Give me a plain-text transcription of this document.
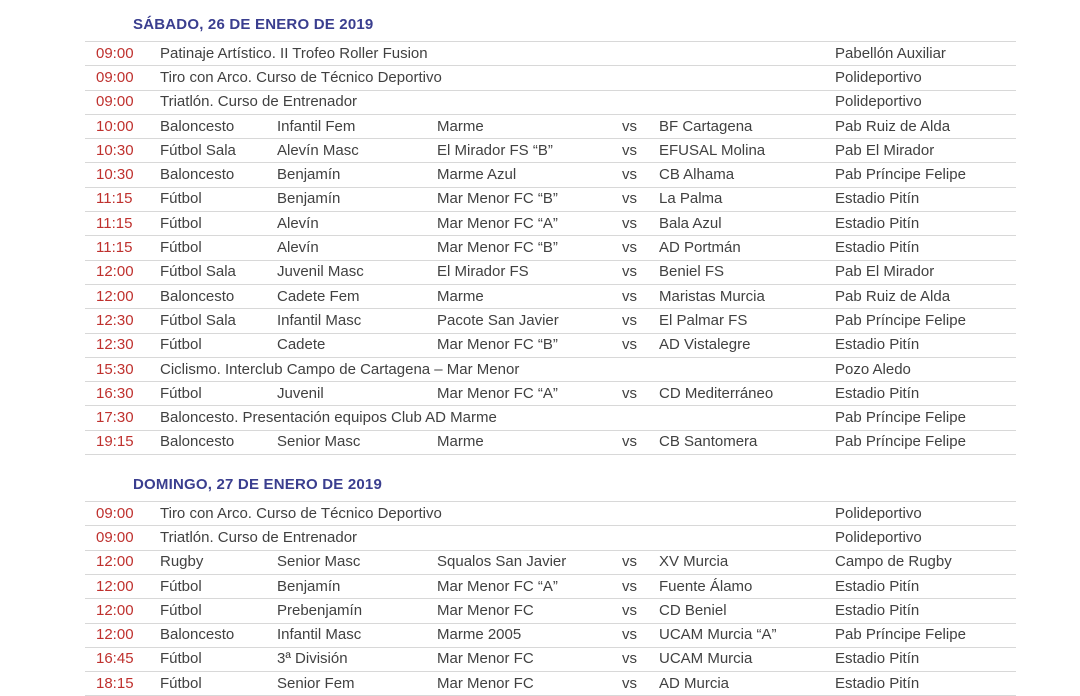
SÁBADO, 26 DE ENERO DE 2019
09:00	Patinaje Artístico. II Trofeo Roller Fusion	Pabellón Auxiliar
09:00	Tiro con Arco. Curso de Técnico Deportivo	Polideportivo
09:00	Triatlón. Curso de Entrenador	Polideportivo
10:00	Baloncesto	Infantil Fem	Marme	vs	BF Cartagena	Pab Ruiz de Alda
10:30	Fútbol Sala	Alevín Masc	El Mirador FS “B”	vs	EFUSAL Molina	Pab El Mirador
10:30	Baloncesto	Benjamín	Marme Azul	vs	CB Alhama	Pab Príncipe Felipe
11:15	Fútbol	Benjamín	Mar Menor FC “B”	vs	La Palma	Estadio Pitín
11:15	Fútbol	Alevín	Mar Menor FC “A”	vs	Bala Azul	Estadio Pitín
11:15	Fútbol	Alevín	Mar Menor FC “B”	vs	AD Portmán	Estadio Pitín
12:00	Fútbol Sala	Juvenil Masc	El Mirador FS	vs	Beniel FS	Pab El Mirador
12:00	Baloncesto	Cadete Fem	Marme	vs	Maristas Murcia	Pab Ruiz de Alda
12:30	Fútbol Sala	Infantil Masc	Pacote San Javier	vs	El Palmar FS	Pab Príncipe Felipe
12:30	Fútbol	Cadete	Mar Menor FC “B”	vs	AD Vistalegre	Estadio Pitín
15:30	Ciclismo. Interclub Campo de Cartagena – Mar Menor	Pozo Aledo
16:30	Fútbol	Juvenil	Mar Menor FC “A”	vs	CD Mediterráneo	Estadio Pitín
17:30	Baloncesto. Presentación equipos Club AD Marme	Pab Príncipe Felipe
19:15	Baloncesto	Senior Masc	Marme	vs	CB Santomera	Pab Príncipe Felipe
DOMINGO, 27 DE ENERO DE 2019
09:00	Tiro con Arco. Curso de Técnico Deportivo	Polideportivo
09:00	Triatlón. Curso de Entrenador	Polideportivo
12:00	Rugby	Senior Masc	Squalos San Javier	vs	XV Murcia	Campo de Rugby
12:00	Fútbol	Benjamín	Mar Menor FC “A”	vs	Fuente Álamo	Estadio Pitín
12:00	Fútbol	Prebenjamín	Mar Menor FC	vs	CD Beniel	Estadio Pitín
12:00	Baloncesto	Infantil Masc	Marme 2005	vs	UCAM Murcia “A”	Pab Príncipe Felipe
16:45	Fútbol	3ª División	Mar Menor FC	vs	UCAM Murcia	Estadio Pitín
18:15	Fútbol	Senior Fem	Mar Menor FC	vs	AD Murcia	Estadio Pitín
